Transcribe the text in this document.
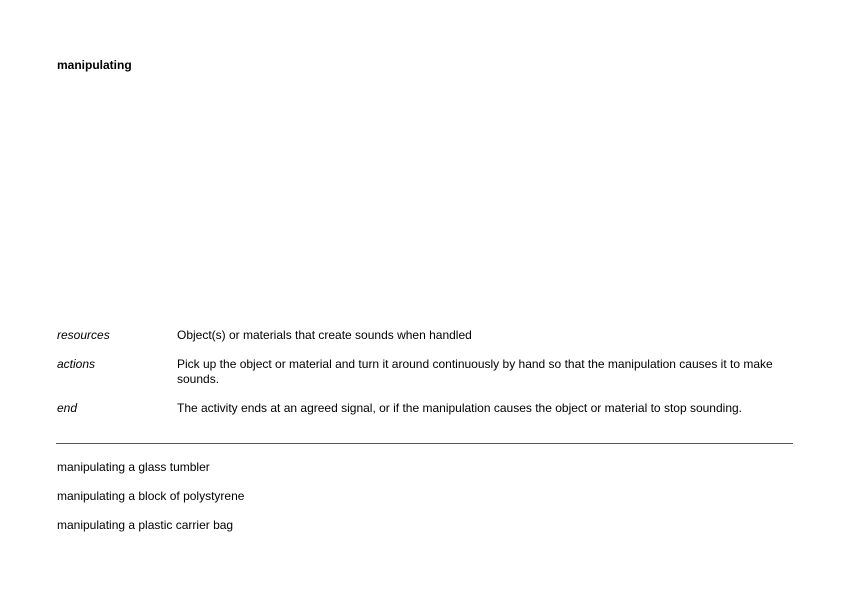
manipulating
resources	Object(s) or materials that create sounds when handled
actions	Pick up the object or material and turn it around continuously by hand so that the manipulation causes it to make sounds.
end	The activity ends at an agreed signal, or if the manipulation causes the object or material to stop sounding.
manipulating a glass tumbler
manipulating a block of polystyrene
manipulating a plastic carrier bag
